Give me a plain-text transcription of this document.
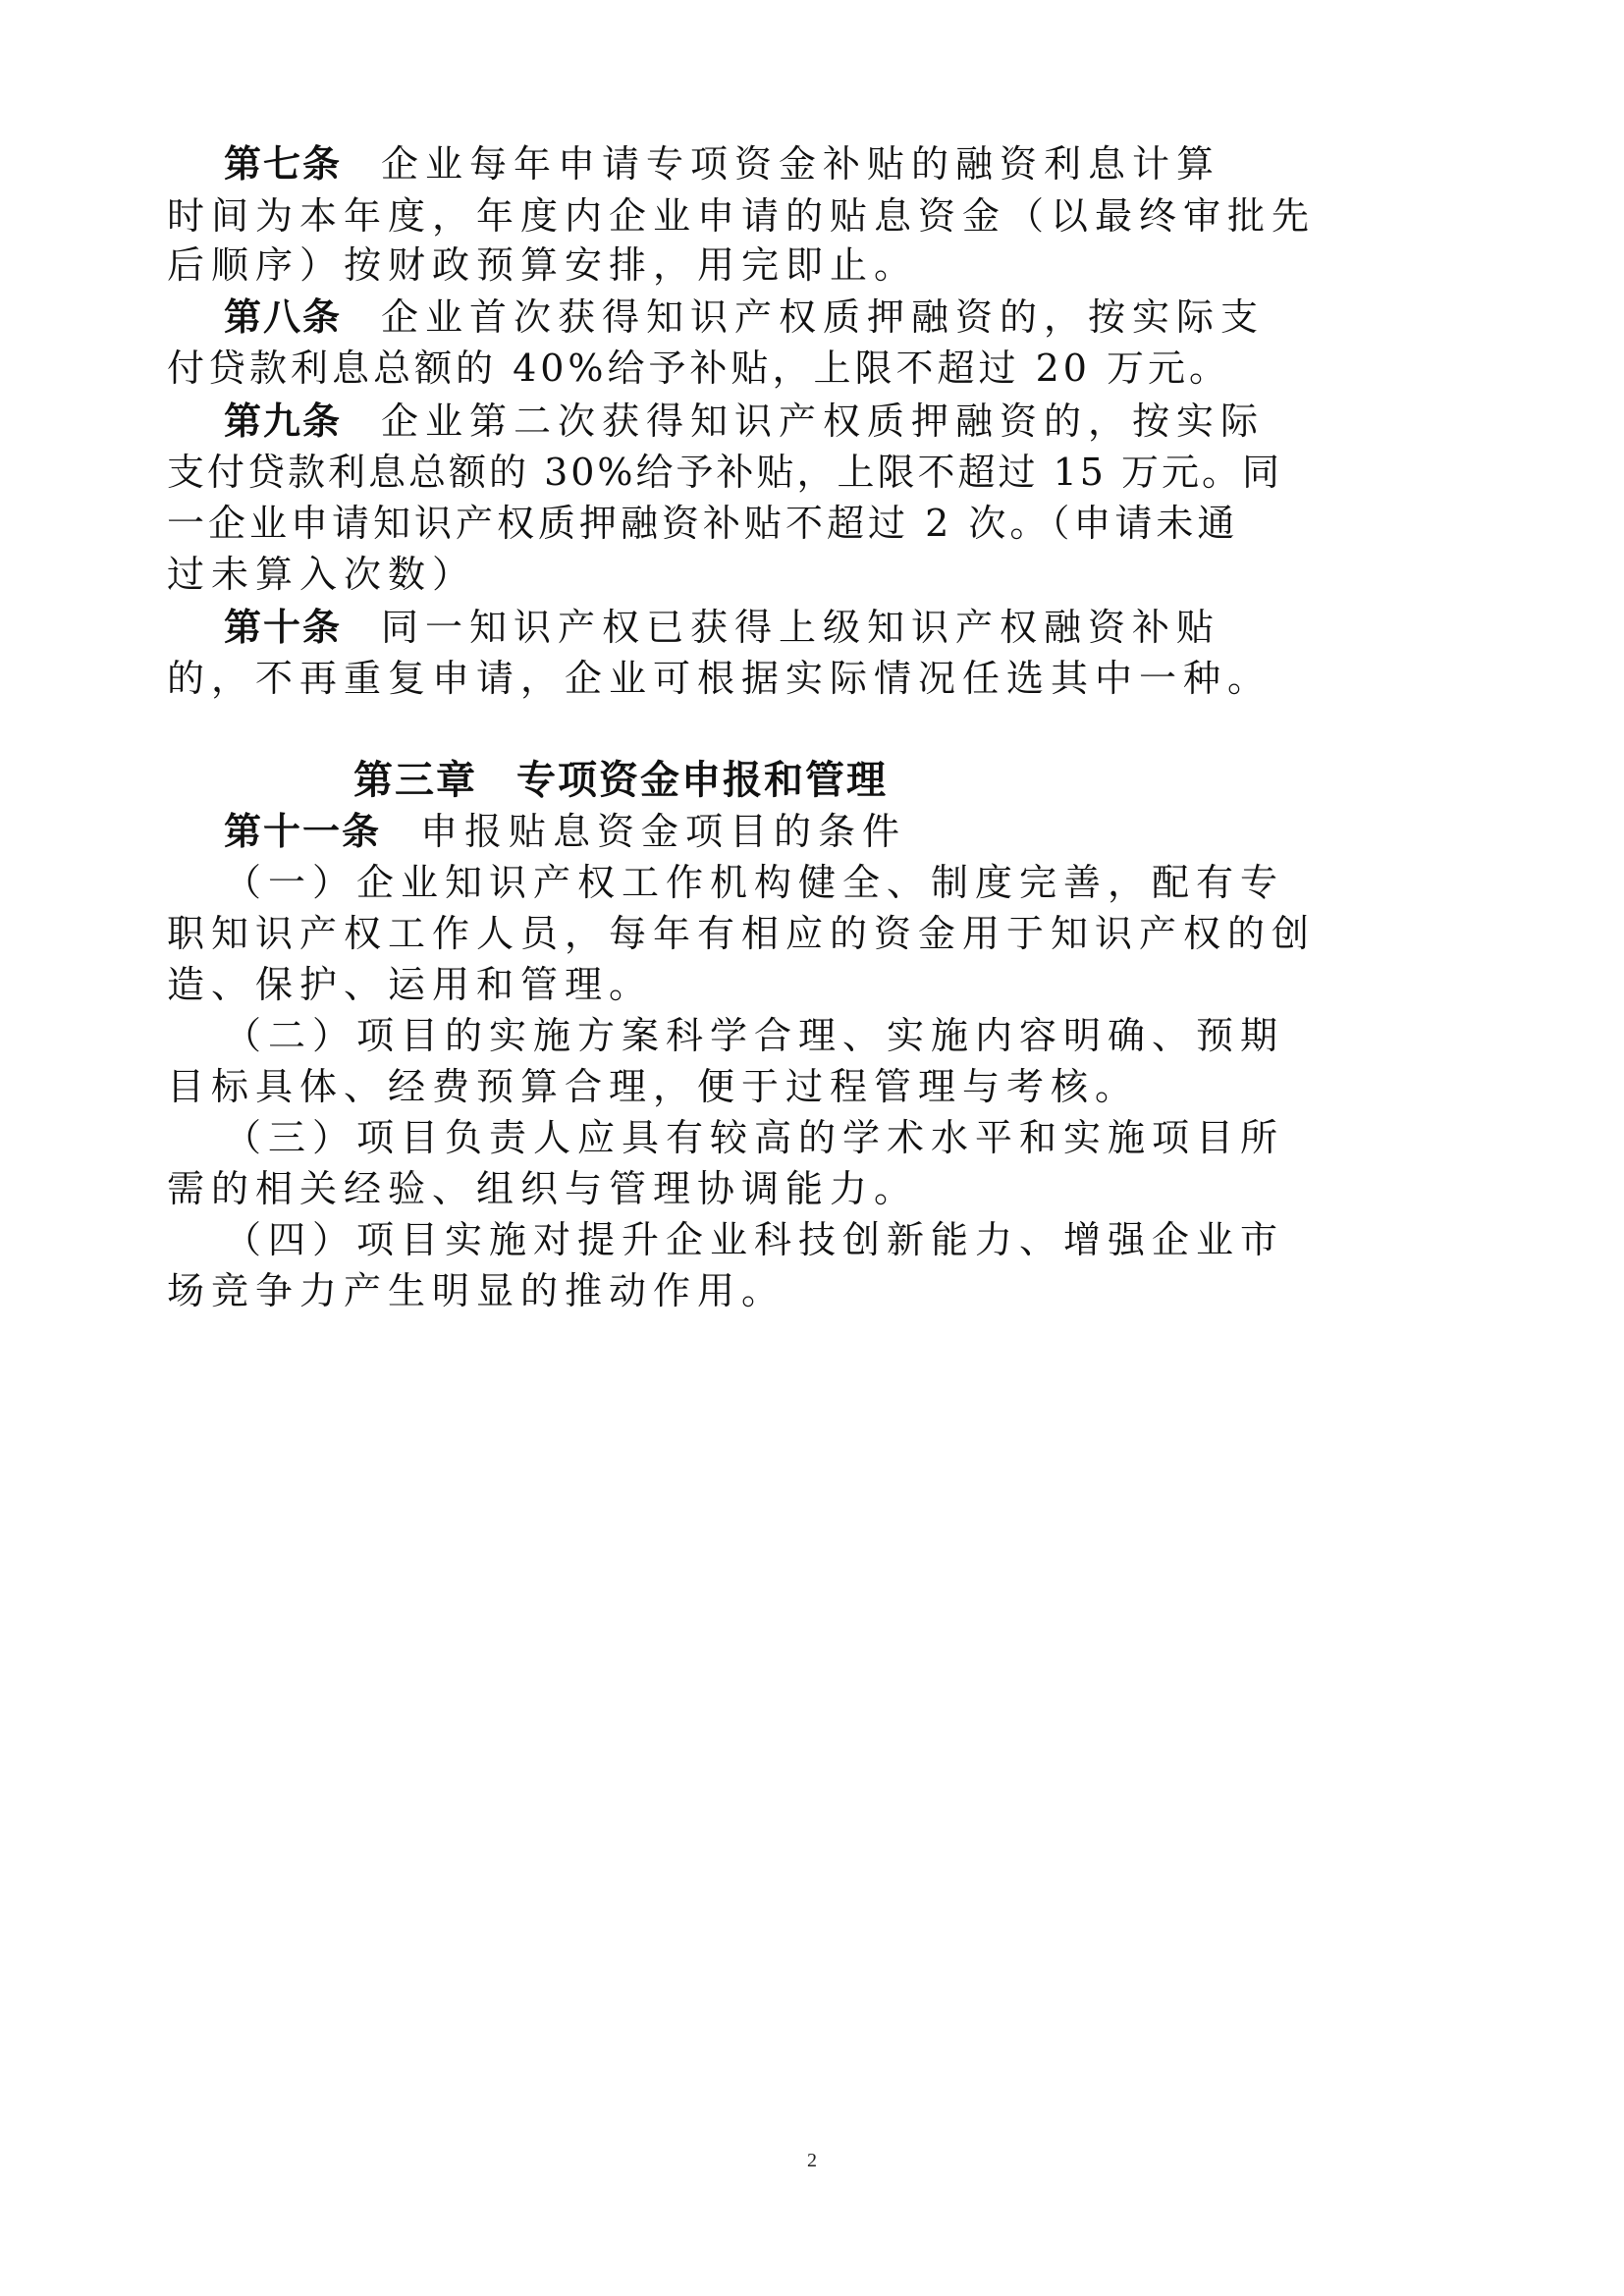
第七条 企业每年申请专项资金补贴的融资利息计算
时间为本年度，年度内企业申请的贴息资金（以最终审批先
后顺序）按财政预算安排，用完即止。
第八条 企业首次获得知识产权质押融资的，按实际支
付贷款利息总额的 40%给予补贴，上限不超过 20 万元。
第九条 企业第二次获得知识产权质押融资的，按实际
支付贷款利息总额的 30%给予补贴，上限不超过 15 万元。同
一企业申请知识产权质押融资补贴不超过 2 次。（申请未通
过未算入次数）
第十条 同一知识产权已获得上级知识产权融资补贴
的，不再重复申请，企业可根据实际情况任选其中一种。
第三章 专项资金申报和管理
第十一条 申报贴息资金项目的条件
（一）企业知识产权工作机构健全、制度完善，配有专
职知识产权工作人员，每年有相应的资金用于知识产权的创
造、保护、运用和管理。
（二）项目的实施方案科学合理、实施内容明确、预期
目标具体、经费预算合理，便于过程管理与考核。
（三）项目负责人应具有较高的学术水平和实施项目所
需的相关经验、组织与管理协调能力。
（四）项目实施对提升企业科技创新能力、增强企业市
场竞争力产生明显的推动作用。
2
